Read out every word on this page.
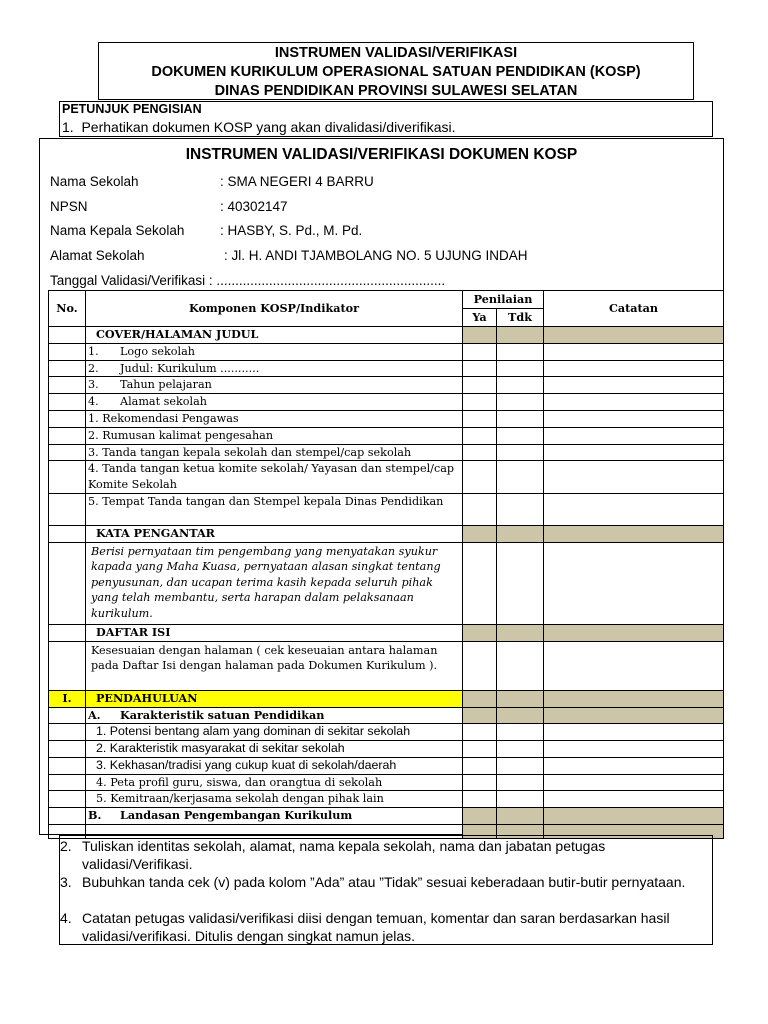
INSTRUMEN VALIDASI/VERIFIKASI
DOKUMEN KURIKULUM OPERASIONAL SATUAN PENDIDIKAN (KOSP)
DINAS PENDIDIKAN PROVINSI SULAWESI SELATAN
PETUNJUK PENGISIAN
1. Perhatikan dokumen KOSP yang akan divalidasi/diverifikasi.
INSTRUMEN VALIDASI/VERIFIKASI DOKUMEN KOSP
Nama Sekolah	: SMA NEGERI 4 BARRU
NPSN	: 40302147
Nama Kepala Sekolah	: HASBY, S. Pd., M. Pd.
Alamat Sekolah	: Jl. H. ANDI TJAMBOLANG NO. 5 UJUNG INDAH
Tanggal Validasi/Verifikasi : .............................................................
No.	Komponen KOSP/Indikator	Penilaian		Catatan
		Ya	Tdk	
	COVER/HALAMAN JUDUL			
	1. Logo sekolah			
	2. Judul: Kurikulum ...........			
	3. Tahun pelajaran			
	4. Alamat sekolah			
	1. Rekomendasi Pengawas			
	2. Rumusan kalimat pengesahan			
	3. Tanda tangan kepala sekolah dan stempel/cap sekolah			
	4. Tanda tangan ketua komite sekolah/ Yayasan dan stempel/cap Komite Sekolah			
	5. Tempat Tanda tangan dan Stempel kepala Dinas Pendidikan			
	KATA PENGANTAR			
	Berisi pernyataan tim pengembang yang menyatakan syukur kapada yang Maha Kuasa, pernyataan alasan singkat tentang penyusunan, dan ucapan terima kasih kepada seluruh pihak yang telah membantu, serta harapan dalam pelaksanaan kurikulum.			
	DAFTAR ISI			
	Kesesuaian dengan halaman ( cek keseuaian antara halaman pada Daftar Isi dengan halaman pada Dokumen Kurikulum ).			
I.	PENDAHULUAN			
	A. Karakteristik satuan Pendidikan			
	1. Potensi bentang alam yang dominan di sekitar sekolah			
	2. Karakteristik masyarakat di sekitar sekolah			
	3. Kekhasan/tradisi yang cukup kuat di sekolah/daerah			
	4. Peta profil guru, siswa, dan orangtua di sekolah			
	5. Kemitraan/kerjasama sekolah dengan pihak lain			
	B. Landasan Pengembangan Kurikulum			

2. Tuliskan identitas sekolah, alamat, nama kepala sekolah, nama dan jabatan petugas validasi/Verifikasi.
3. Bubuhkan tanda cek (v) pada kolom ”Ada” atau ”Tidak” sesuai keberadaan butir-butir pernyataan.
4. Catatan petugas validasi/verifikasi diisi dengan temuan, komentar dan saran berdasarkan hasil validasi/verifikasi. Ditulis dengan singkat namun jelas.
